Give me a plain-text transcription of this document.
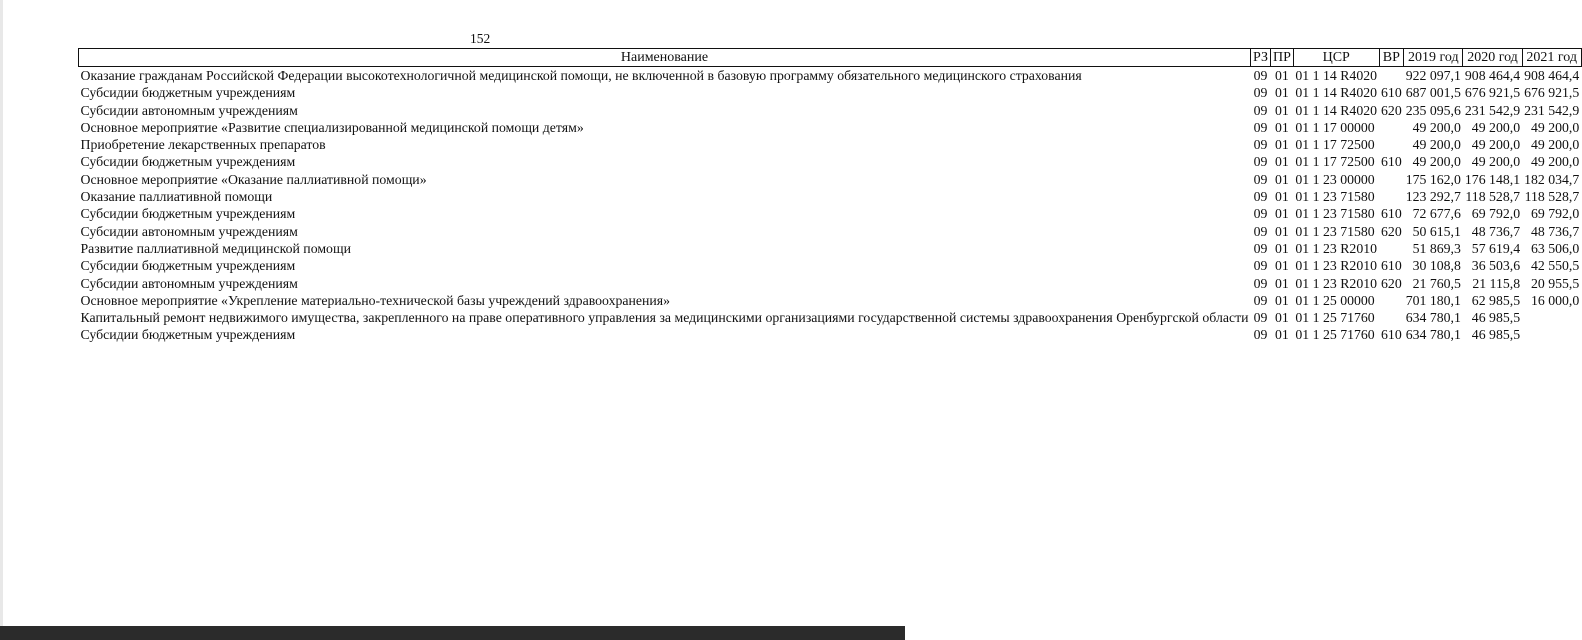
152
Наименование	РЗ	ПР	ЦСР	ВР	2019 год	2020 год	2021 год
Оказание гражданам Российской Федерации высокотехнологичной медицинской помощи, не включенной в базовую программу обязательного медицинского страхования	09	01	01 1 14 R4020		922 097,1	908 464,4	908 464,4
Субсидии бюджетным учреждениям	09	01	01 1 14 R4020	610	687 001,5	676 921,5	676 921,5
Субсидии автономным учреждениям	09	01	01 1 14 R4020	620	235 095,6	231 542,9	231 542,9
Основное мероприятие «Развитие специализированной медицинской помощи детям»	09	01	01 1 17 00000		49 200,0	49 200,0	49 200,0
Приобретение лекарственных препаратов	09	01	01 1 17 72500		49 200,0	49 200,0	49 200,0
Субсидии бюджетным учреждениям	09	01	01 1 17 72500	610	49 200,0	49 200,0	49 200,0
Основное мероприятие «Оказание паллиативной помощи»	09	01	01 1 23 00000		175 162,0	176 148,1	182 034,7
Оказание паллиативной помощи	09	01	01 1 23 71580		123 292,7	118 528,7	118 528,7
Субсидии бюджетным учреждениям	09	01	01 1 23 71580	610	72 677,6	69 792,0	69 792,0
Субсидии автономным учреждениям	09	01	01 1 23 71580	620	50 615,1	48 736,7	48 736,7
Развитие паллиативной медицинской помощи	09	01	01 1 23 R2010		51 869,3	57 619,4	63 506,0
Субсидии бюджетным учреждениям	09	01	01 1 23 R2010	610	30 108,8	36 503,6	42 550,5
Субсидии автономным учреждениям	09	01	01 1 23 R2010	620	21 760,5	21 115,8	20 955,5
Основное мероприятие «Укрепление материально-технической базы учреждений здравоохранения»	09	01	01 1 25 00000		701 180,1	62 985,5	16 000,0
Капитальный ремонт недвижимого имущества, закрепленного на праве оперативного управления за медицинскими организациями государственной системы здравоохранения Оренбургской области	09	01	01 1 25 71760		634 780,1	46 985,5	
Субсидии бюджетным учреждениям	09	01	01 1 25 71760	610	634 780,1	46 985,5	
